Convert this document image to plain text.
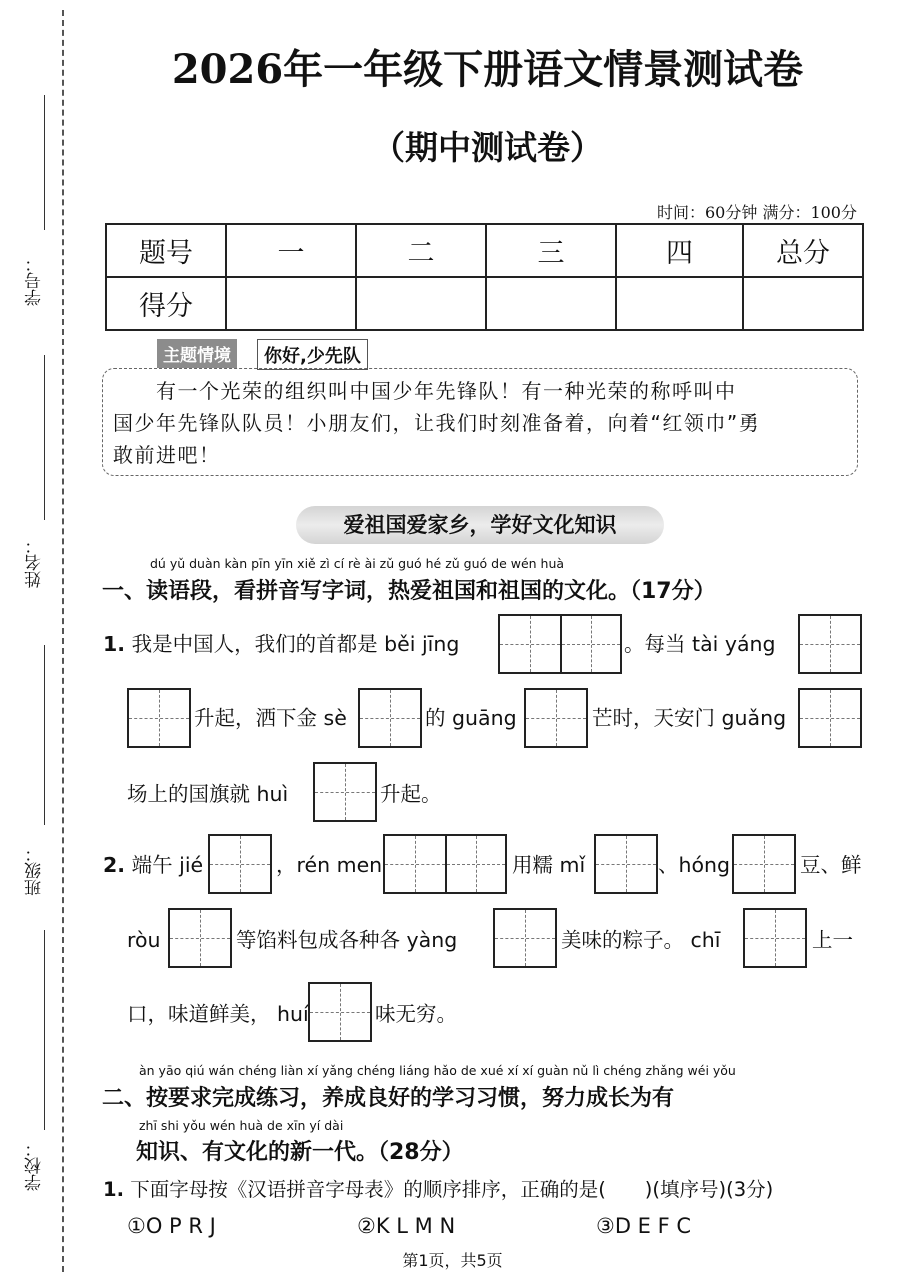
学号：
姓名：
班级：
学校：
2026年一年级下册语文情景测试卷
（期中测试卷）
时间：60分钟 满分：100分
题号	一	二	三	四	总分
得分					
主题情境	你好,少先队
　　有一个光荣的组织叫中国少年先锋队！有一种光荣的称呼叫中
国少年先锋队队员！小朋友们，让我们时刻准备着，向着“红领巾”勇
敢前进吧！
爱祖国爱家乡，学好文化知识
dú yǔ duàn kàn pīn yīn xiě zì cí rè ài zǔ guó hé zǔ guó de wén huà
一、读语段，看拼音写字词，热爱祖国和祖国的文化。（17分）
1. 我是中国人，我们的首都是 běi jīng	。每当 tài yáng
升起，洒下金 sè	的 guāng	芒时，天安门 guǎng
场上的国旗就 huì	升起。
2. 端午 jié	，rén men	用糯 mǐ	、hóng	豆、鲜
ròu	等馅料包成各种各 yàng	美味的粽子。 chī	上一
口，味道鲜美， huí	味无穷。
àn yāo qiú wán chéng liàn xí yǎng chéng liáng hǎo de xué xí xí guàn nǔ lì chéng zhǎng wéi yǒu
二、按要求完成练习，养成良好的学习习惯，努力成长为有
zhī shi yǒu wén huà de xīn yí dài
知识、有文化的新一代。（28分）
1. 下面字母按《汉语拼音字母表》的顺序排序，正确的是(　　)(填序号)(3分)
①O P R J	②K L M N	③D E F C
第1页，共5页
